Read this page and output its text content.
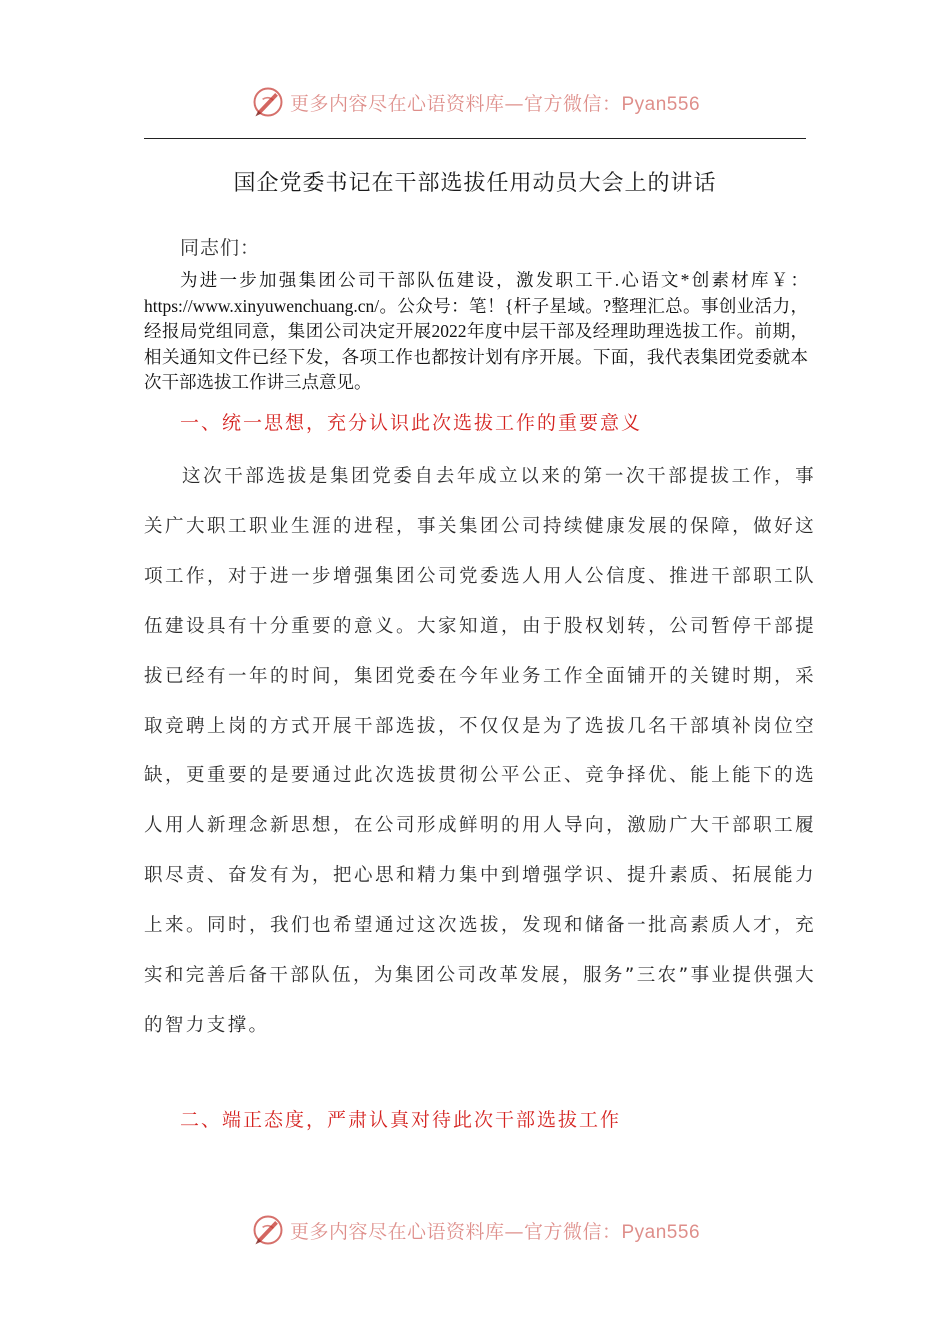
更多内容尽在心语资料库—官方微信：Pyan556
国企党委书记在干部选拔任用动员大会上的讲话
同志们：

为进一步加强集团公司干部队伍建设，激发职工干.心语文*创素材库￥：https://www.xinyuwenchuang.cn/。公众号：笔！{杆子星域。?整理汇总。事创业活力，经报局党组同意，集团公司决定开展2022年度中层干部及经理助理选拔工作。前期，相关通知文件已经下发，各项工作也都按计划有序开展。下面，我代表集团党委就本次干部选拔工作讲三点意见。

一、统一思想，充分认识此次选拔工作的重要意义

这次干部选拔是集团党委自去年成立以来的第一次干部提拔工作，事关广大职工职业生涯的进程，事关集团公司持续健康发展的保障，做好这项工作，对于进一步增强集团公司党委选人用人公信度、推进干部职工队伍建设具有十分重要的意义。大家知道，由于股权划转，公司暂停干部提拔已经有一年的时间，集团党委在今年业务工作全面铺开的关键时期，采取竞聘上岗的方式开展干部选拔，不仅仅是为了选拔几名干部填补岗位空缺，更重要的是要通过此次选拔贯彻公平公正、竞争择优、能上能下的选人用人新理念新思想，在公司形成鲜明的用人导向，激励广大干部职工履职尽责、奋发有为，把心思和精力集中到增强学识、提升素质、拓展能力上来。同时，我们也希望通过这次选拔，发现和储备一批高素质人才，充实和完善后备干部队伍，为集团公司改革发展，服务”三农”事业提供强大的智力支撑。

二、端正态度，严肃认真对待此次干部选拔工作
更多内容尽在心语资料库—官方微信：Pyan556
